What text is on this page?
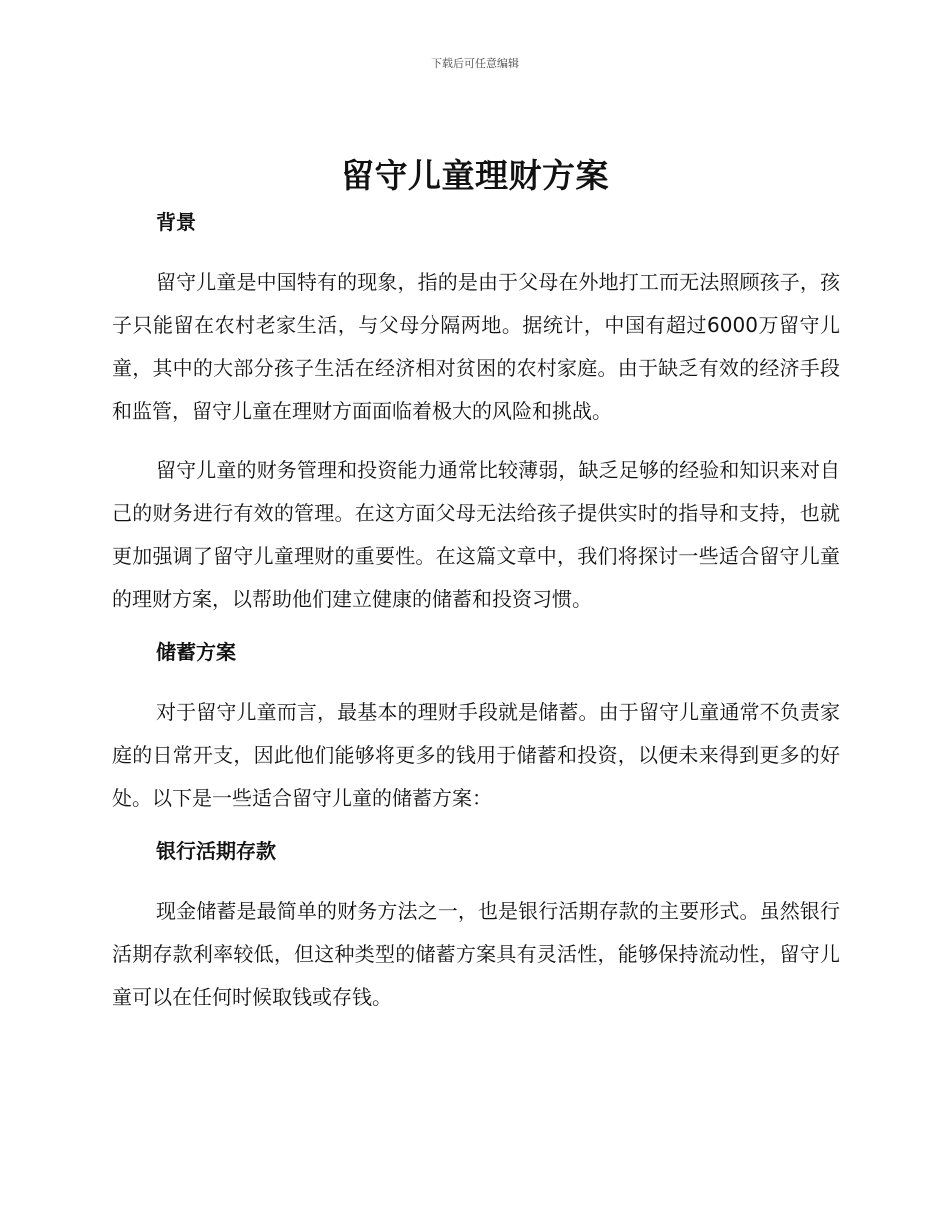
下载后可任意编辑
留守儿童理财方案
背景

留守儿童是中国特有的现象，指的是由于父母在外地打工而无法照顾孩子，孩子只能留在农村老家生活，与父母分隔两地。据统计，中国有超过6000万留守儿童，其中的大部分孩子生活在经济相对贫困的农村家庭。由于缺乏有效的经济手段和监管，留守儿童在理财方面面临着极大的风险和挑战。

留守儿童的财务管理和投资能力通常比较薄弱，缺乏足够的经验和知识来对自己的财务进行有效的管理。在这方面父母无法给孩子提供实时的指导和支持，也就更加强调了留守儿童理财的重要性。在这篇文章中，我们将探讨一些适合留守儿童的理财方案，以帮助他们建立健康的储蓄和投资习惯。

储蓄方案

对于留守儿童而言，最基本的理财手段就是储蓄。由于留守儿童通常不负责家庭的日常开支，因此他们能够将更多的钱用于储蓄和投资，以便未来得到更多的好处。以下是一些适合留守儿童的储蓄方案：

银行活期存款

现金储蓄是最简单的财务方法之一，也是银行活期存款的主要形式。虽然银行活期存款利率较低，但这种类型的储蓄方案具有灵活性，能够保持流动性，留守儿童可以在任何时候取钱或存钱。
